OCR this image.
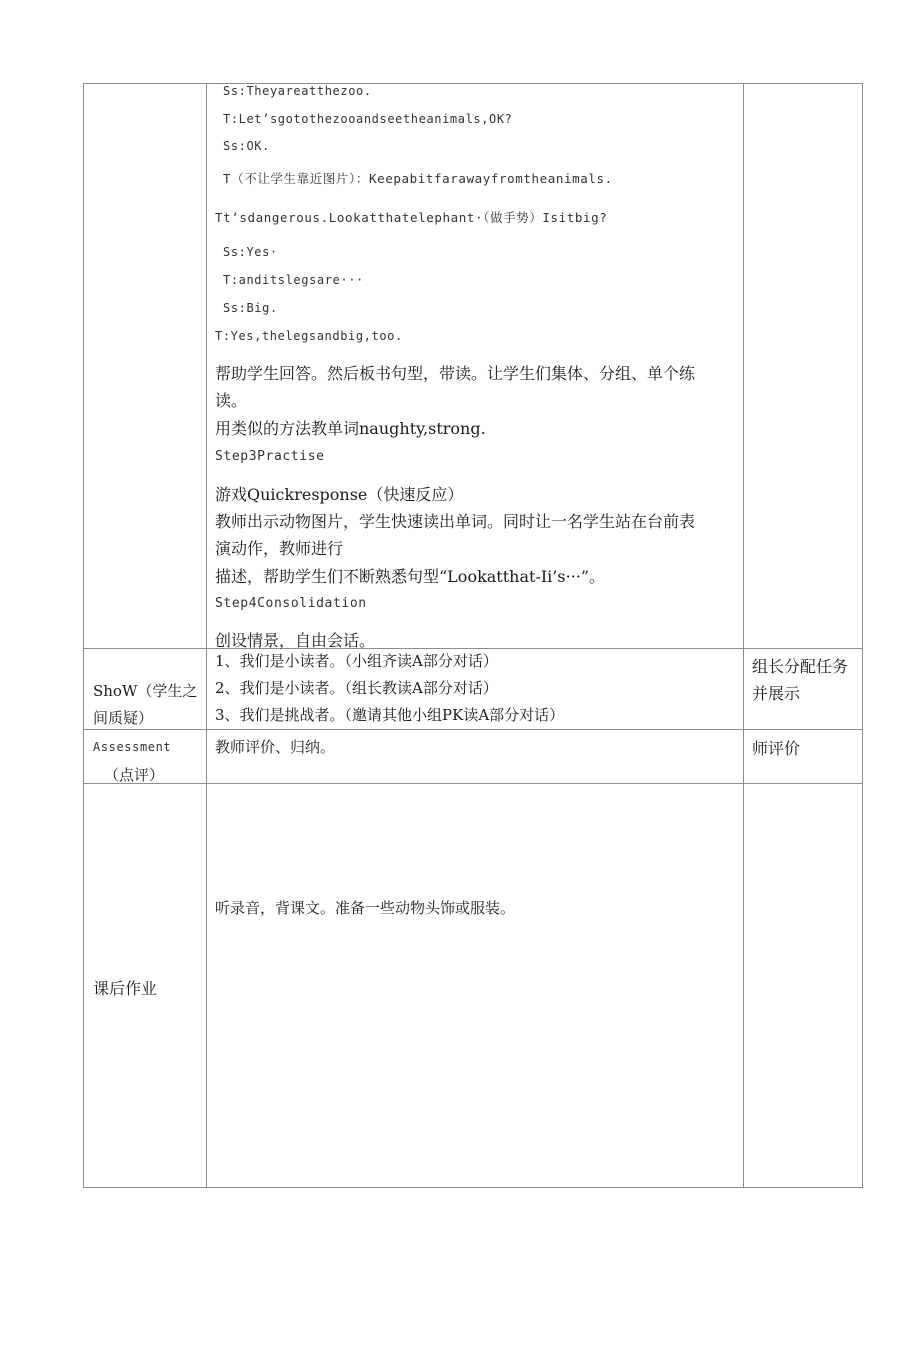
Ss:Theyareatthezoo.
T:Let’sgotothezooandseetheanimals,OK?
Ss:OK.
T（不让学生靠近图片）：Keepabitfarawayfromtheanimals.
Tt’sdangerous.Lookatthatelephant·（做手势）Isitbig?
Ss:Yes·
T:anditslegsare···
Ss:Big.
T:Yes,thelegsandbig,too.
帮助学生回答。然后板书句型，带读。让学生们集体、分组、单个练
读。
用类似的方法教单词naughty,strong.
Step3Practise
游戏Quickresponse（快速反应）
教师出示动物图片，学生快速读出单词。同时让一名学生站在台前表
演动作，教师进行
描述，帮助学生们不断熟悉句型“Lookatthat-Ii’s···”。
Step4Consolidation
创设情景，自由会话。
ShoW（学生之
间质疑）
1、我们是小读者。（小组齐读A部分对话）
2、我们是小读者。（组长教读A部分对话）
3、我们是挑战者。（邀请其他小组PK读A部分对话）
组长分配任务
并展示
Assessment
（点评）
教师评价、归纳。	师评价
课后作业
听录音，背课文。准备一些动物头饰或服装。
